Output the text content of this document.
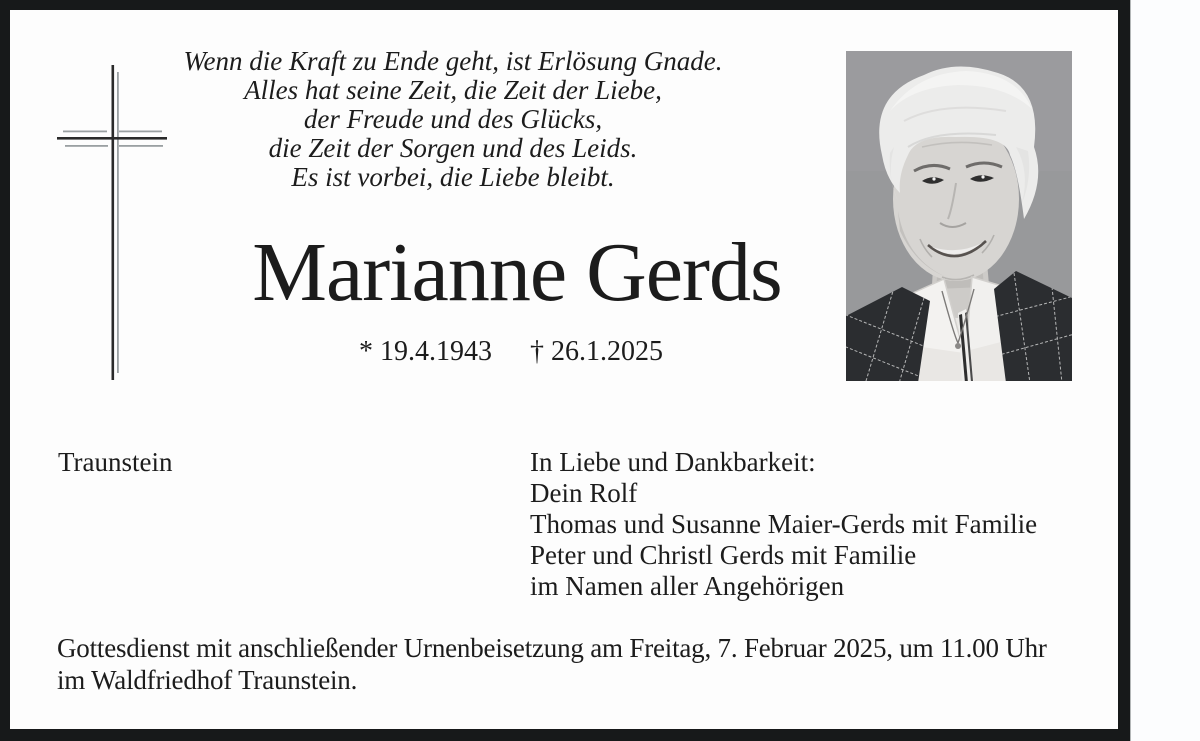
Wenn die Kraft zu Ende geht, ist Erlösung Gnade.
Alles hat seine Zeit, die Zeit der Liebe,
der Freude und des Glücks,
die Zeit der Sorgen und des Leids.
Es ist vorbei, die Liebe bleibt.
Marianne Gerds
* 19.4.1943 † 26.1.2025
Traunstein	In Liebe und Dankbarkeit:
Dein Rolf
Thomas und Susanne Maier-Gerds mit Familie
Peter und Christl Gerds mit Familie
im Namen aller Angehörigen
Gottesdienst mit anschließender Urnenbeisetzung am Freitag, 7. Februar 2025, um 11.00 Uhr
im Waldfriedhof Traunstein.
